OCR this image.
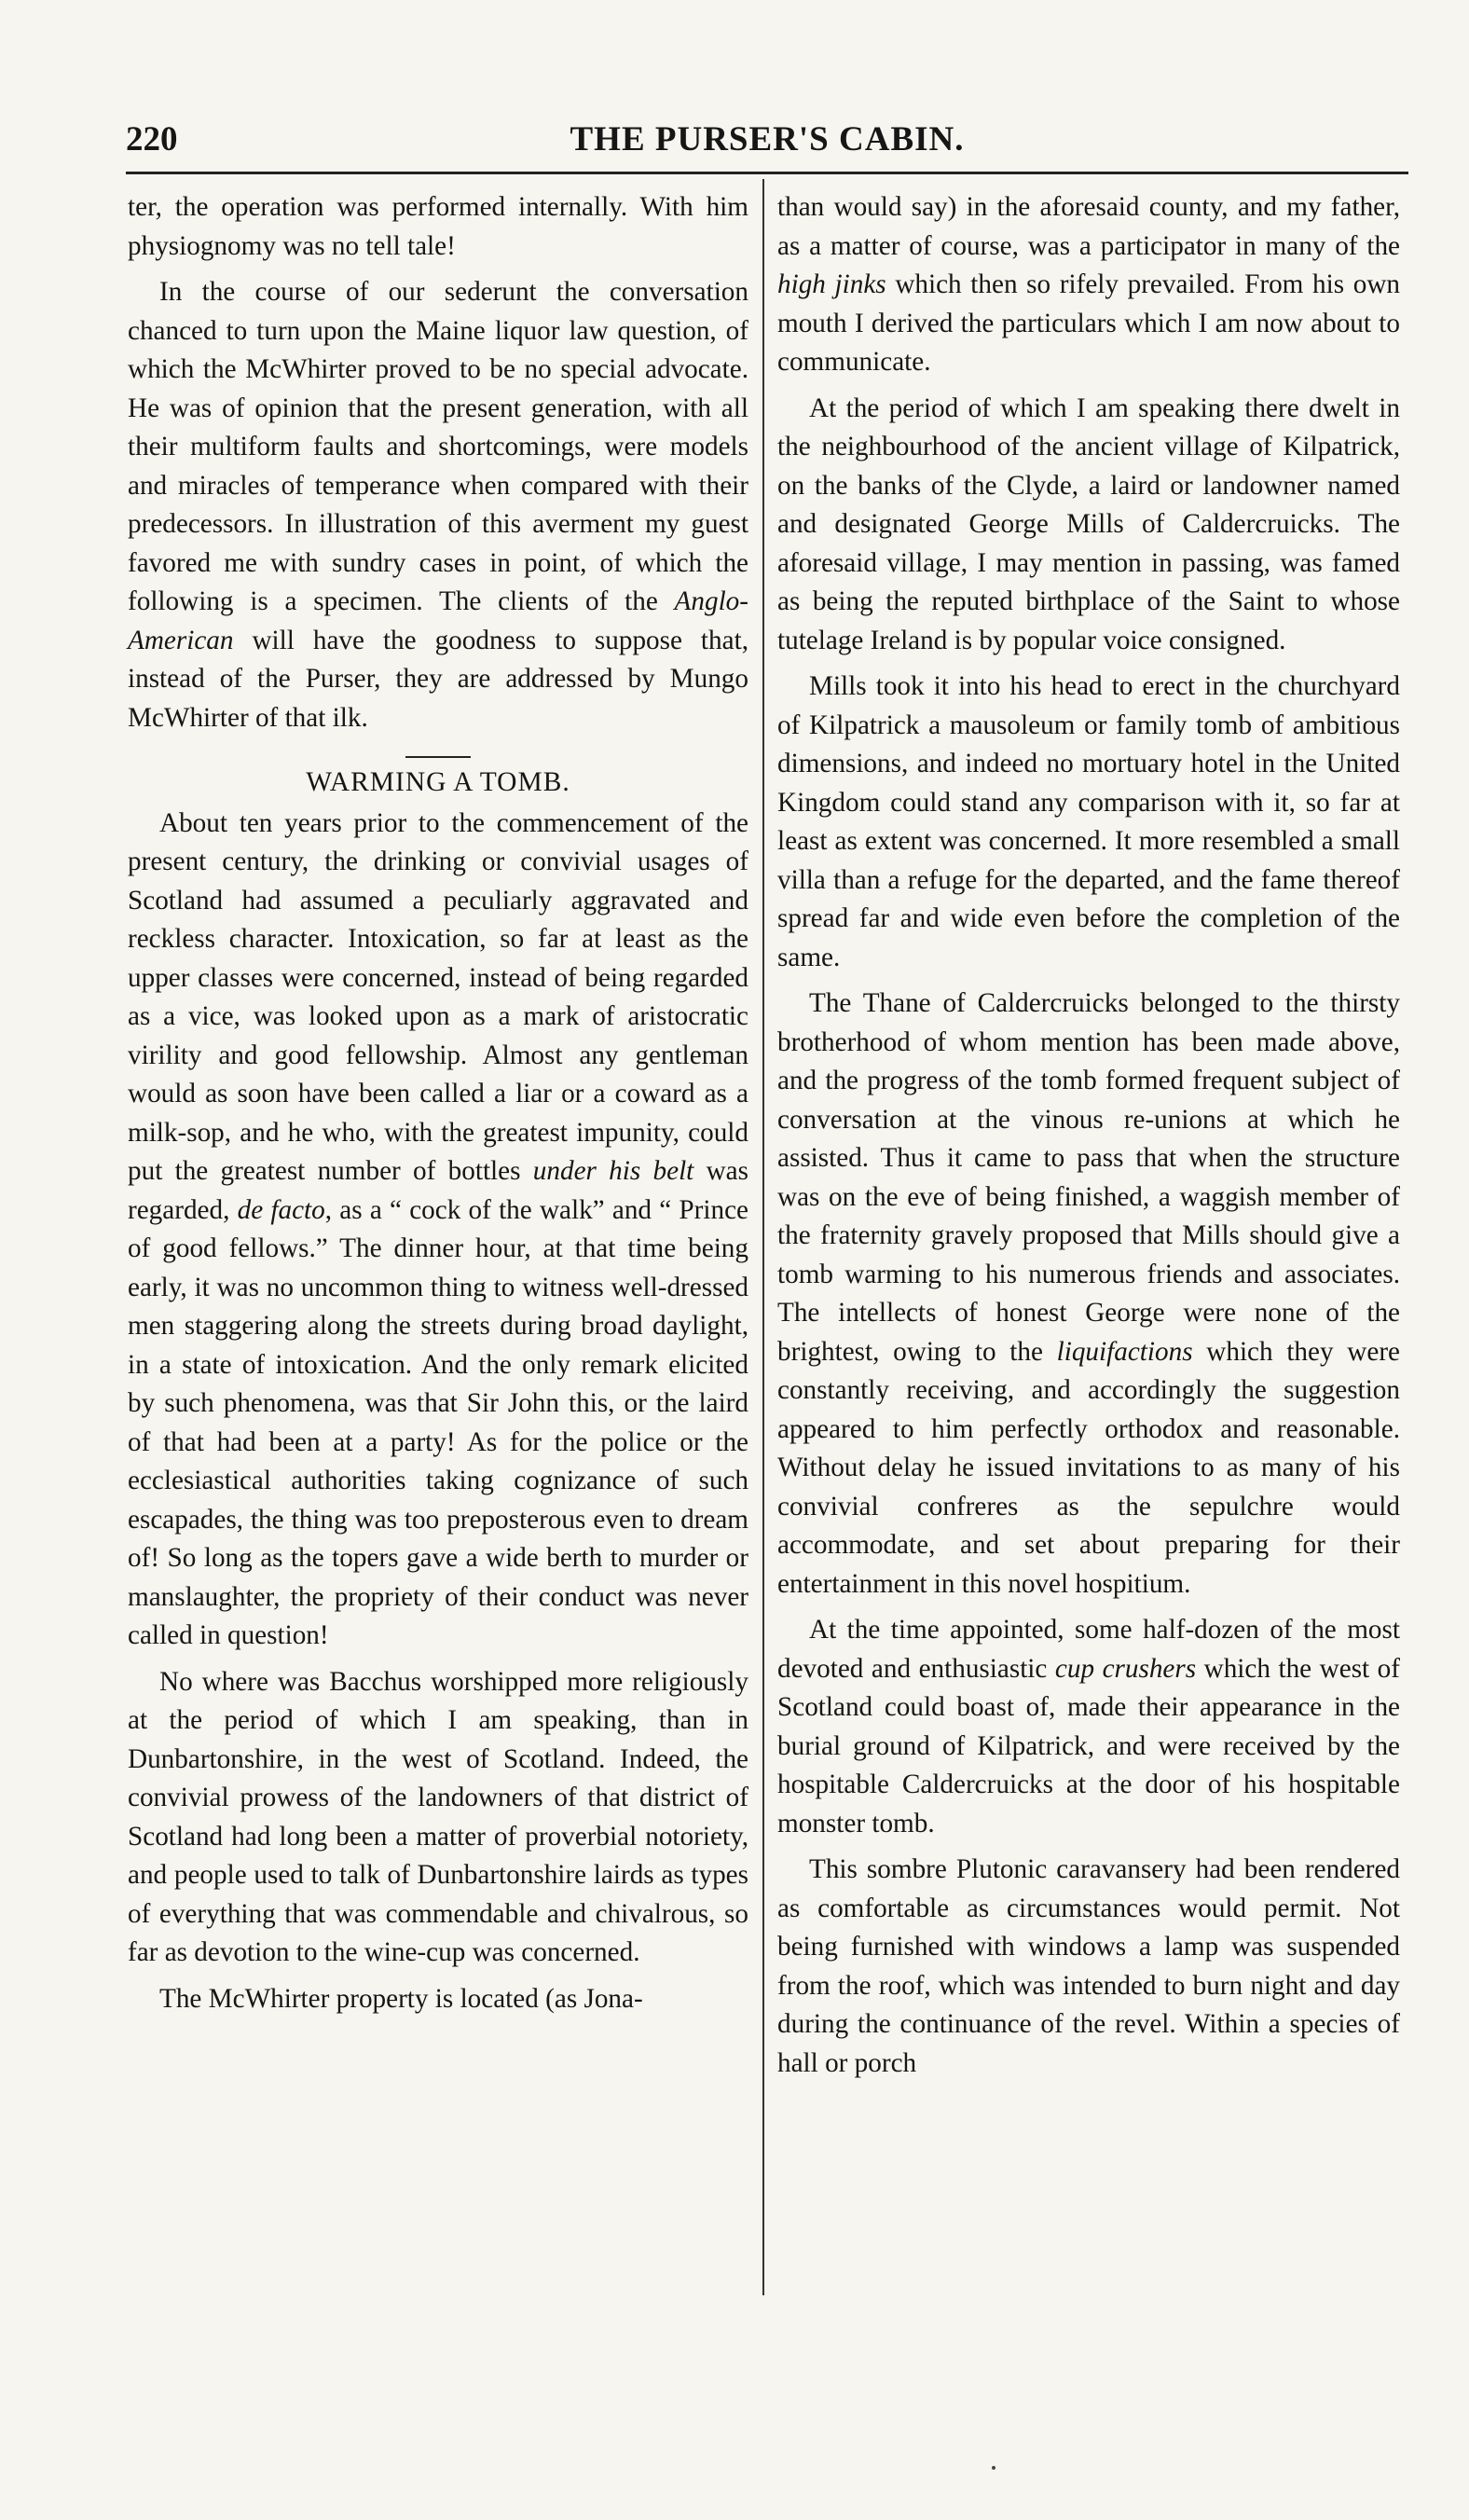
220	THE PURSER'S CABIN.

ter, the operation was performed internally. With him physiognomy was no tell tale!

In the course of our sederunt the conversation chanced to turn upon the Maine liquor law question, of which the McWhirter proved to be no special advocate. He was of opinion that the present generation, with all their multiform faults and shortcomings, were models and miracles of temperance when compared with their predecessors. In illustration of this averment my guest favored me with sundry cases in point, of which the following is a specimen. The clients of the Anglo-American will have the goodness to suppose that, instead of the Purser, they are addressed by Mungo McWhirter of that ilk.

WARMING A TOMB.

About ten years prior to the commencement of the present century, the drinking or convivial usages of Scotland had assumed a peculiarly aggravated and reckless character. Intoxication, so far at least as the upper classes were concerned, instead of being regarded as a vice, was looked upon as a mark of aristocratic virility and good fellowship. Almost any gentleman would as soon have been called a liar or a coward as a milk-sop, and he who, with the greatest impunity, could put the greatest number of bottles under his belt was regarded, de facto, as a “ cock of the walk” and “ Prince of good fellows.” The dinner hour, at that time being early, it was no uncommon thing to witness well-dressed men staggering along the streets during broad daylight, in a state of intoxication. And the only remark elicited by such phenomena, was that Sir John this, or the laird of that had been at a party! As for the police or the ecclesiastical authorities taking cognizance of such escapades, the thing was too preposterous even to dream of! So long as the topers gave a wide berth to murder or manslaughter, the propriety of their conduct was never called in question!

No where was Bacchus worshipped more religiously at the period of which I am speaking, than in Dunbartonshire, in the west of Scotland. Indeed, the convivial prowess of the landowners of that district of Scotland had long been a matter of proverbial notoriety, and people used to talk of Dunbartonshire lairds as types of everything that was commendable and chivalrous, so far as devotion to the wine-cup was concerned.

The McWhirter property is located (as Jona-

than would say) in the aforesaid county, and my father, as a matter of course, was a participator in many of the high jinks which then so rifely prevailed. From his own mouth I derived the particulars which I am now about to communicate.

At the period of which I am speaking there dwelt in the neighbourhood of the ancient village of Kilpatrick, on the banks of the Clyde, a laird or landowner named and designated George Mills of Caldercruicks. The aforesaid village, I may mention in passing, was famed as being the reputed birthplace of the Saint to whose tutelage Ireland is by popular voice consigned.

Mills took it into his head to erect in the churchyard of Kilpatrick a mausoleum or family tomb of ambitious dimensions, and indeed no mortuary hotel in the United Kingdom could stand any comparison with it, so far at least as extent was concerned. It more resembled a small villa than a refuge for the departed, and the fame thereof spread far and wide even before the completion of the same.

The Thane of Caldercruicks belonged to the thirsty brotherhood of whom mention has been made above, and the progress of the tomb formed frequent subject of conversation at the vinous re-unions at which he assisted. Thus it came to pass that when the structure was on the eve of being finished, a waggish member of the fraternity gravely proposed that Mills should give a tomb warming to his numerous friends and associates. The intellects of honest George were none of the brightest, owing to the liquifactions which they were constantly receiving, and accordingly the suggestion appeared to him perfectly orthodox and reasonable. Without delay he issued invitations to as many of his convivial confreres as the sepulchre would accommodate, and set about preparing for their entertainment in this novel hospitium.

At the time appointed, some half-dozen of the most devoted and enthusiastic cup crushers which the west of Scotland could boast of, made their appearance in the burial ground of Kilpatrick, and were received by the hospitable Caldercruicks at the door of his hospitable monster tomb.

This sombre Plutonic caravansery had been rendered as comfortable as circumstances would permit. Not being furnished with windows a lamp was suspended from the roof, which was intended to burn night and day during the continuance of the revel. Within a species of hall or porch
